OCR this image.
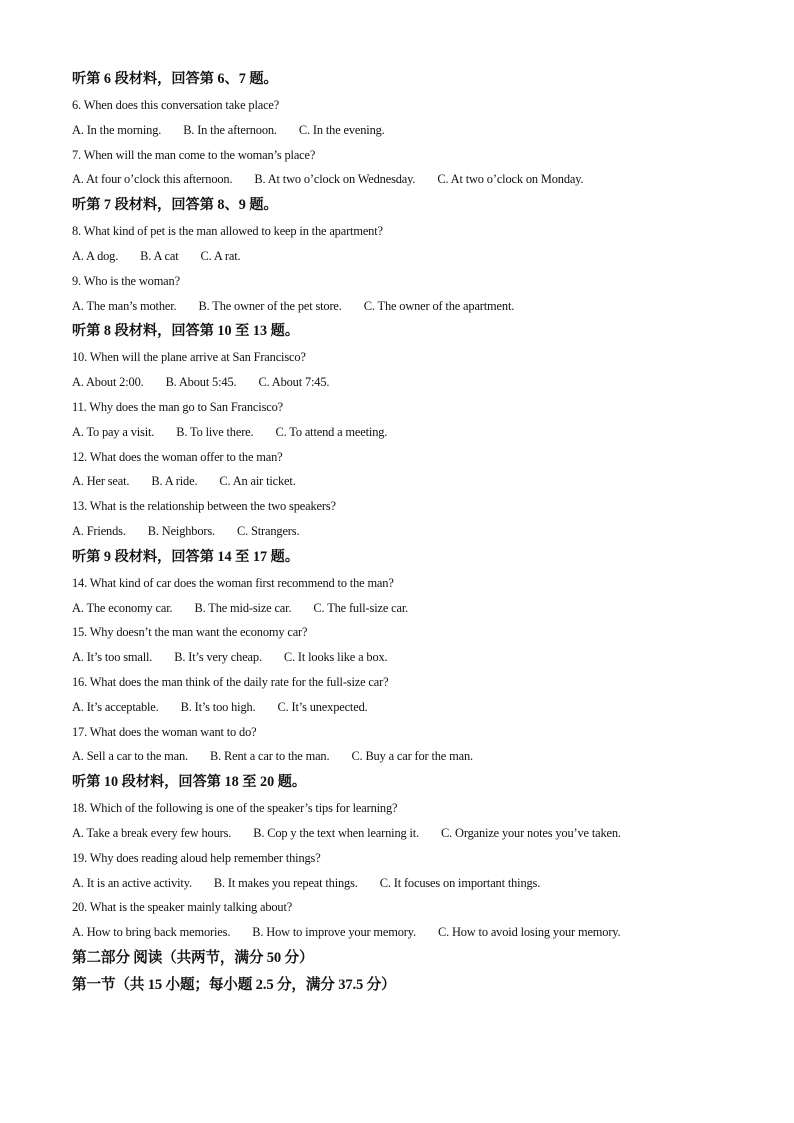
听第 6 段材料，回答第 6、7 题。
6. When does this conversation take place?
A. In the morning. B. In the afternoon. C. In the evening.
7. When will the man come to the woman’s place?
A. At four o’clock this afternoon. B. At two o’clock on Wednesday. C. At two o’clock on Monday.
听第 7 段材料，回答第 8、9 题。
8. What kind of pet is the man allowed to keep in the apartment?
A. A dog. B. A cat C. A rat.
9. Who is the woman?
A. The man’s mother. B. The owner of the pet store. C. The owner of the apartment.
听第 8 段材料，回答第 10 至 13 题。
10. When will the plane arrive at San Francisco?
A. About 2:00. B. About 5:45. C. About 7:45.
11. Why does the man go to San Francisco?
A. To pay a visit. B. To live there. C. To attend a meeting.
12. What does the woman offer to the man?
A. Her seat. B. A ride. C. An air ticket.
13. What is the relationship between the two speakers?
A. Friends. B. Neighbors. C. Strangers.
听第 9 段材料，回答第 14 至 17 题。
14. What kind of car does the woman first recommend to the man?
A. The economy car. B. The mid-size car. C. The full-size car.
15. Why doesn’t the man want the economy car?
A. It’s too small. B. It’s very cheap. C. It looks like a box.
16. What does the man think of the daily rate for the full-size car?
A. It’s acceptable. B. It’s too high. C. It’s unexpected.
17. What does the woman want to do?
A. Sell a car to the man. B. Rent a car to the man. C. Buy a car for the man.
听第 10 段材料，回答第 18 至 20 题。
18. Which of the following is one of the speaker’s tips for learning?
A. Take a break every few hours. B. Cop y the text when learning it. C. Organize your notes you’ve taken.
19. Why does reading aloud help remember things?
A. It is an active activity. B. It makes you repeat things. C. It focuses on important things.
20. What is the speaker mainly talking about?
A. How to bring back memories. B. How to improve your memory. C. How to avoid losing your memory.
第二部分 阅读（共两节，满分 50 分）
第一节（共 15 小题；每小题 2.5 分，满分 37.5 分）
